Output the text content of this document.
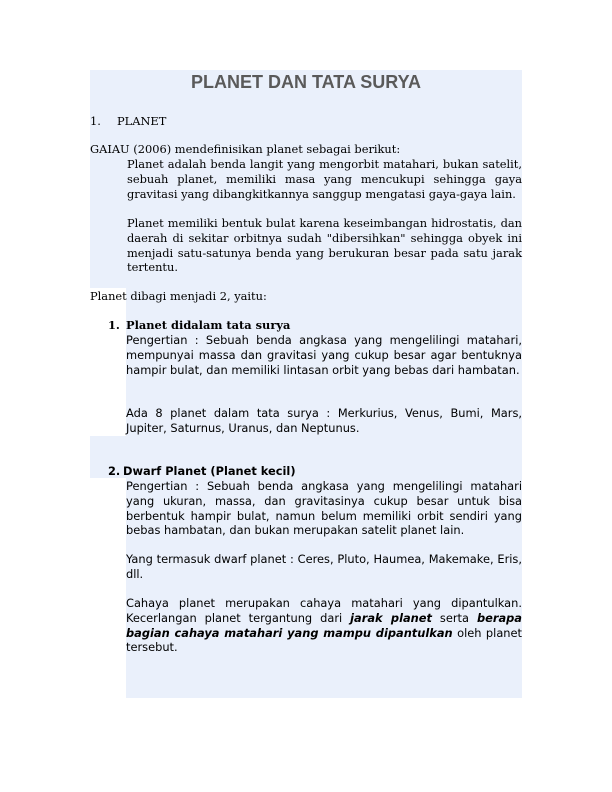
PLANET DAN TATA SURYA
1. PLANET
GAIAU (2006) mendefinisikan planet sebagai berikut:
Planet adalah benda langit yang mengorbit matahari, bukan satelit, sebuah planet, memiliki masa yang mencukupi sehingga gaya gravitasi yang dibangkitkannya sanggup mengatasi gaya-gaya lain.
Planet memiliki bentuk bulat karena keseimbangan hidrostatis, dan daerah di sekitar orbitnya sudah "dibersihkan" sehingga obyek ini menjadi satu-satunya benda yang berukuran besar pada satu jarak tertentu.
Planet dibagi menjadi 2, yaitu:
1. Planet didalam tata surya
Pengertian : Sebuah benda angkasa yang mengelilingi matahari, mempunyai massa dan gravitasi yang cukup besar agar bentuknya hampir bulat, dan memiliki lintasan orbit yang bebas dari hambatan.
Ada 8 planet dalam tata surya : Merkurius, Venus, Bumi, Mars, Jupiter, Saturnus, Uranus, dan Neptunus.
2. Dwarf Planet (Planet kecil)
Pengertian : Sebuah benda angkasa yang mengelilingi matahari yang ukuran, massa, dan gravitasinya cukup besar untuk bisa berbentuk hampir bulat, namun belum memiliki orbit sendiri yang bebas hambatan, dan bukan merupakan satelit planet lain.
Yang termasuk dwarf planet : Ceres, Pluto, Haumea, Makemake, Eris, dll.
Cahaya planet merupakan cahaya matahari yang dipantulkan. Kecerlangan planet tergantung dari jarak planet serta berapa bagian cahaya matahari yang mampu dipantulkan oleh planet tersebut.
